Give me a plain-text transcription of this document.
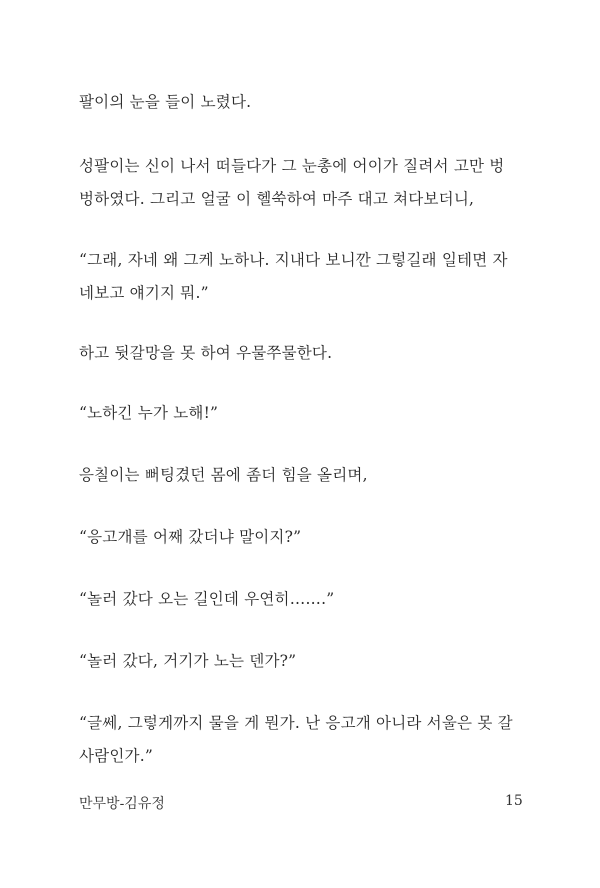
팔이의 눈을 들이 노렸다.

성팔이는 신이 나서 떠들다가 그 눈총에 어이가 질려서 고만 벙
벙하였다. 그리고 얼굴 이 헬쑥하여 마주 대고 쳐다보더니,

“그래, 자네 왜 그케 노하나. 지내다 보니깐 그렇길래 일테면 자
네보고 얘기지 뭐.”

하고 뒷갈망을 못 하여 우물쭈물한다.

“노하긴 누가 노해!”

응칠이는 뻐팅겼던 몸에 좀더 힘을 올리며,

“응고개를 어째 갔더냐 말이지?”

“놀러 갔다 오는 길인데 우연히…….”

“놀러 갔다, 거기가 노는 덴가?”

“글쎄, 그렇게까지 물을 게 뭔가. 난 응고개 아니라 서울은 못 갈
사람인가.”

만무방-김유정	15
